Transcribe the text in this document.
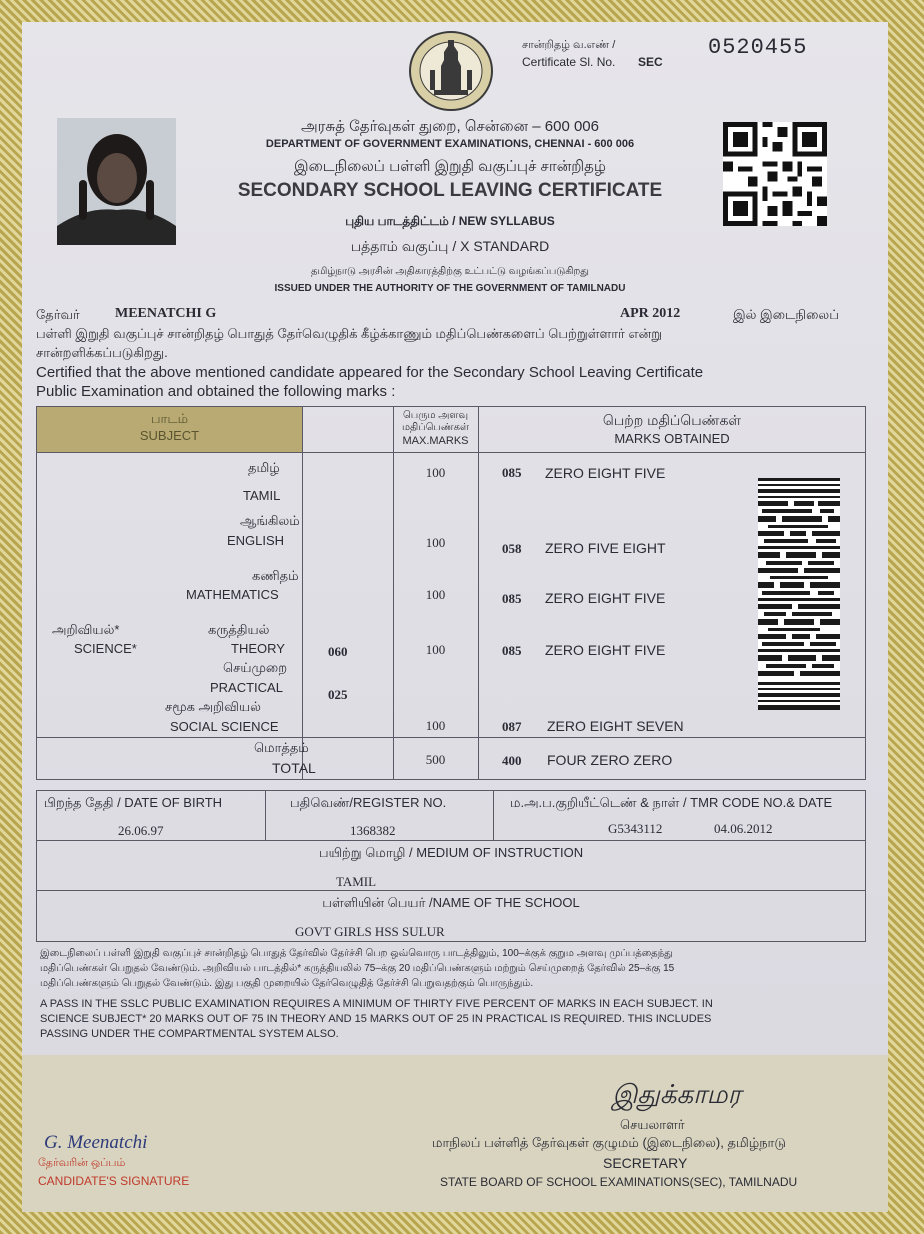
சான்றிதழ் வ.எண் /
Certificate Sl. No. SEC
0520455
அரசுத் தேர்வுகள் துறை, சென்னை – 600 006
DEPARTMENT OF GOVERNMENT EXAMINATIONS, CHENNAI - 600 006
இடைநிலைப் பள்ளி இறுதி வகுப்புச் சான்றிதழ்
SECONDARY SCHOOL LEAVING CERTIFICATE
புதிய பாடத்திட்டம் / NEW SYLLABUS
பத்தாம் வகுப்பு / X STANDARD
தமிழ்நாடு அரசின் அதிகாரத்திற்கு உட்பட்டு வழங்கப்படுகிறது
ISSUED UNDER THE AUTHORITY OF THE GOVERNMENT OF TAMILNADU
தேர்வர்	MEENATCHI G	APR 2012	இல் இடைநிலைப்
பள்ளி இறுதி வகுப்புச் சான்றிதழ் பொதுத் தேர்வெழுதிக் கீழ்க்காணும் மதிப்பெண்களைப் பெற்றுள்ளார் என்று
சான்றளிக்கப்படுகிறது.
Certified that the above mentioned candidate appeared for the Secondary School Leaving Certificate
Public Examination and obtained the following marks :
பாடம்
SUBJECT
பெரும அளவு
மதிப்பெண்கள்
MAX.MARKS
பெற்ற மதிப்பெண்கள்
MARKS OBTAINED
தமிழ்
TAMIL
100	085 ZERO EIGHT FIVE
ஆங்கிலம்
ENGLISH	100	058 ZERO FIVE EIGHT
கணிதம்
MATHEMATICS	100	085 ZERO EIGHT FIVE
அறிவியல்*
SCIENCE*
கருத்தியல்
THEORY	060	100	085 ZERO EIGHT FIVE
செய்முறை
PRACTICAL	025
சமூக அறிவியல்
SOCIAL SCIENCE	100	087 ZERO EIGHT SEVEN
மொத்தம்
TOTAL
500	400 FOUR ZERO ZERO
பிறந்த தேதி / DATE OF BIRTH
26.06.97
பதிவெண்/REGISTER NO.
1368382
ம.அ.ப.குறியீட்டெண் & நாள் / TMR CODE NO.& DATE
G5343112	04.06.2012
பயிற்று மொழி / MEDIUM OF INSTRUCTION
TAMIL
பள்ளியின் பெயர் /NAME OF THE SCHOOL
GOVT GIRLS HSS SULUR
இடைநிலைப் பள்ளி இறுதி வகுப்புச் சான்றிதழ் பொதுத் தேர்வில் தேர்ச்சி பெற ஒவ்வொரு பாடத்திலும், 100–க்குக் குறும அளவு முப்பத்தைந்து
மதிப்பெண்கள் பெறுதல் வேண்டும். அறிவியல் பாடத்தில்* கருத்தியலில் 75–க்கு 20 மதிப்பெண்களும் மற்றும் செய்முறைத் தேர்வில் 25–க்கு 15
மதிப்பெண்களும் பெறுதல் வேண்டும். இது பகுதி முறையில் தேர்வெழுதித் தேர்ச்சி பெறுவதற்கும் பொருந்தும்.
A PASS IN THE SSLC PUBLIC EXAMINATION REQUIRES A MINIMUM OF THIRTY FIVE PERCENT OF MARKS IN EACH SUBJECT. IN
SCIENCE SUBJECT* 20 MARKS OUT OF 75 IN THEORY AND 15 MARKS OUT OF 25 IN PRACTICAL IS REQUIRED. THIS INCLUDES
PASSING UNDER THE COMPARTMENTAL SYSTEM ALSO.
இதுக்காமர
செயலாளர்
மாநிலப் பள்ளித் தேர்வுகள் குழுமம் (இடைநிலை), தமிழ்நாடு
SECRETARY
STATE BOARD OF SCHOOL EXAMINATIONS(SEC), TAMILNADU
G. Meenatchi
தேர்வரின் ஒப்பம்
CANDIDATE'S SIGNATURE
